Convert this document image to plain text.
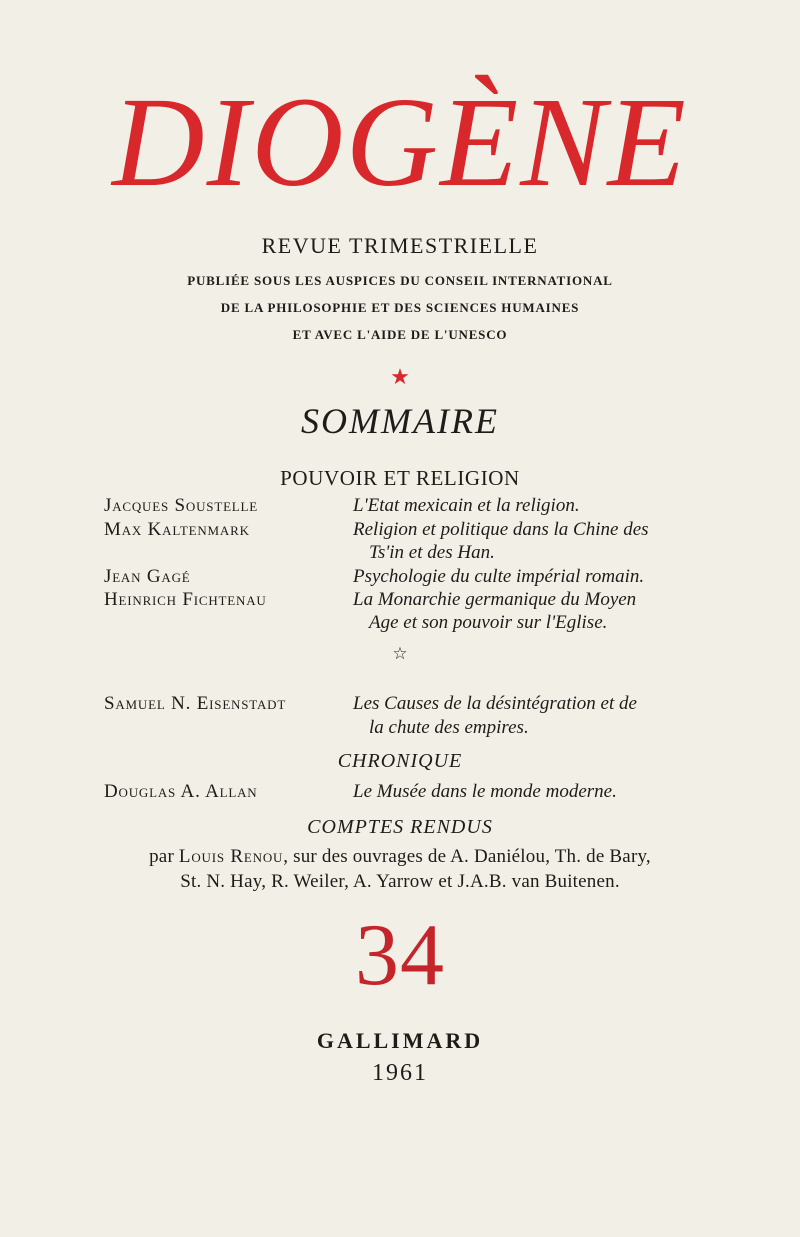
DIOGÈNE
REVUE TRIMESTRIELLE
PUBLIÉE SOUS LES AUSPICES DU CONSEIL INTERNATIONAL
DE LA PHILOSOPHIE ET DES SCIENCES HUMAINES
ET AVEC L'AIDE DE L'UNESCO
★
SOMMAIRE
POUVOIR ET RELIGION
Jacques Soustelle	L'Etat mexicain et la religion.
Max Kaltenmark	Religion et politique dans la Chine des
Ts'in et des Han.
Jean Gagé	Psychologie du culte impérial romain.
Heinrich Fichtenau	La Monarchie germanique du Moyen
Age et son pouvoir sur l'Eglise.
☆
Samuel N. Eisenstadt	Les Causes de la désintégration et de
la chute des empires.
CHRONIQUE
Douglas A. Allan	Le Musée dans le monde moderne.
COMPTES RENDUS
par Louis Renou, sur des ouvrages de A. Daniélou, Th. de Bary,
St. N. Hay, R. Weiler, A. Yarrow et J.A.B. van Buitenen.
34
GALLIMARD
1961
